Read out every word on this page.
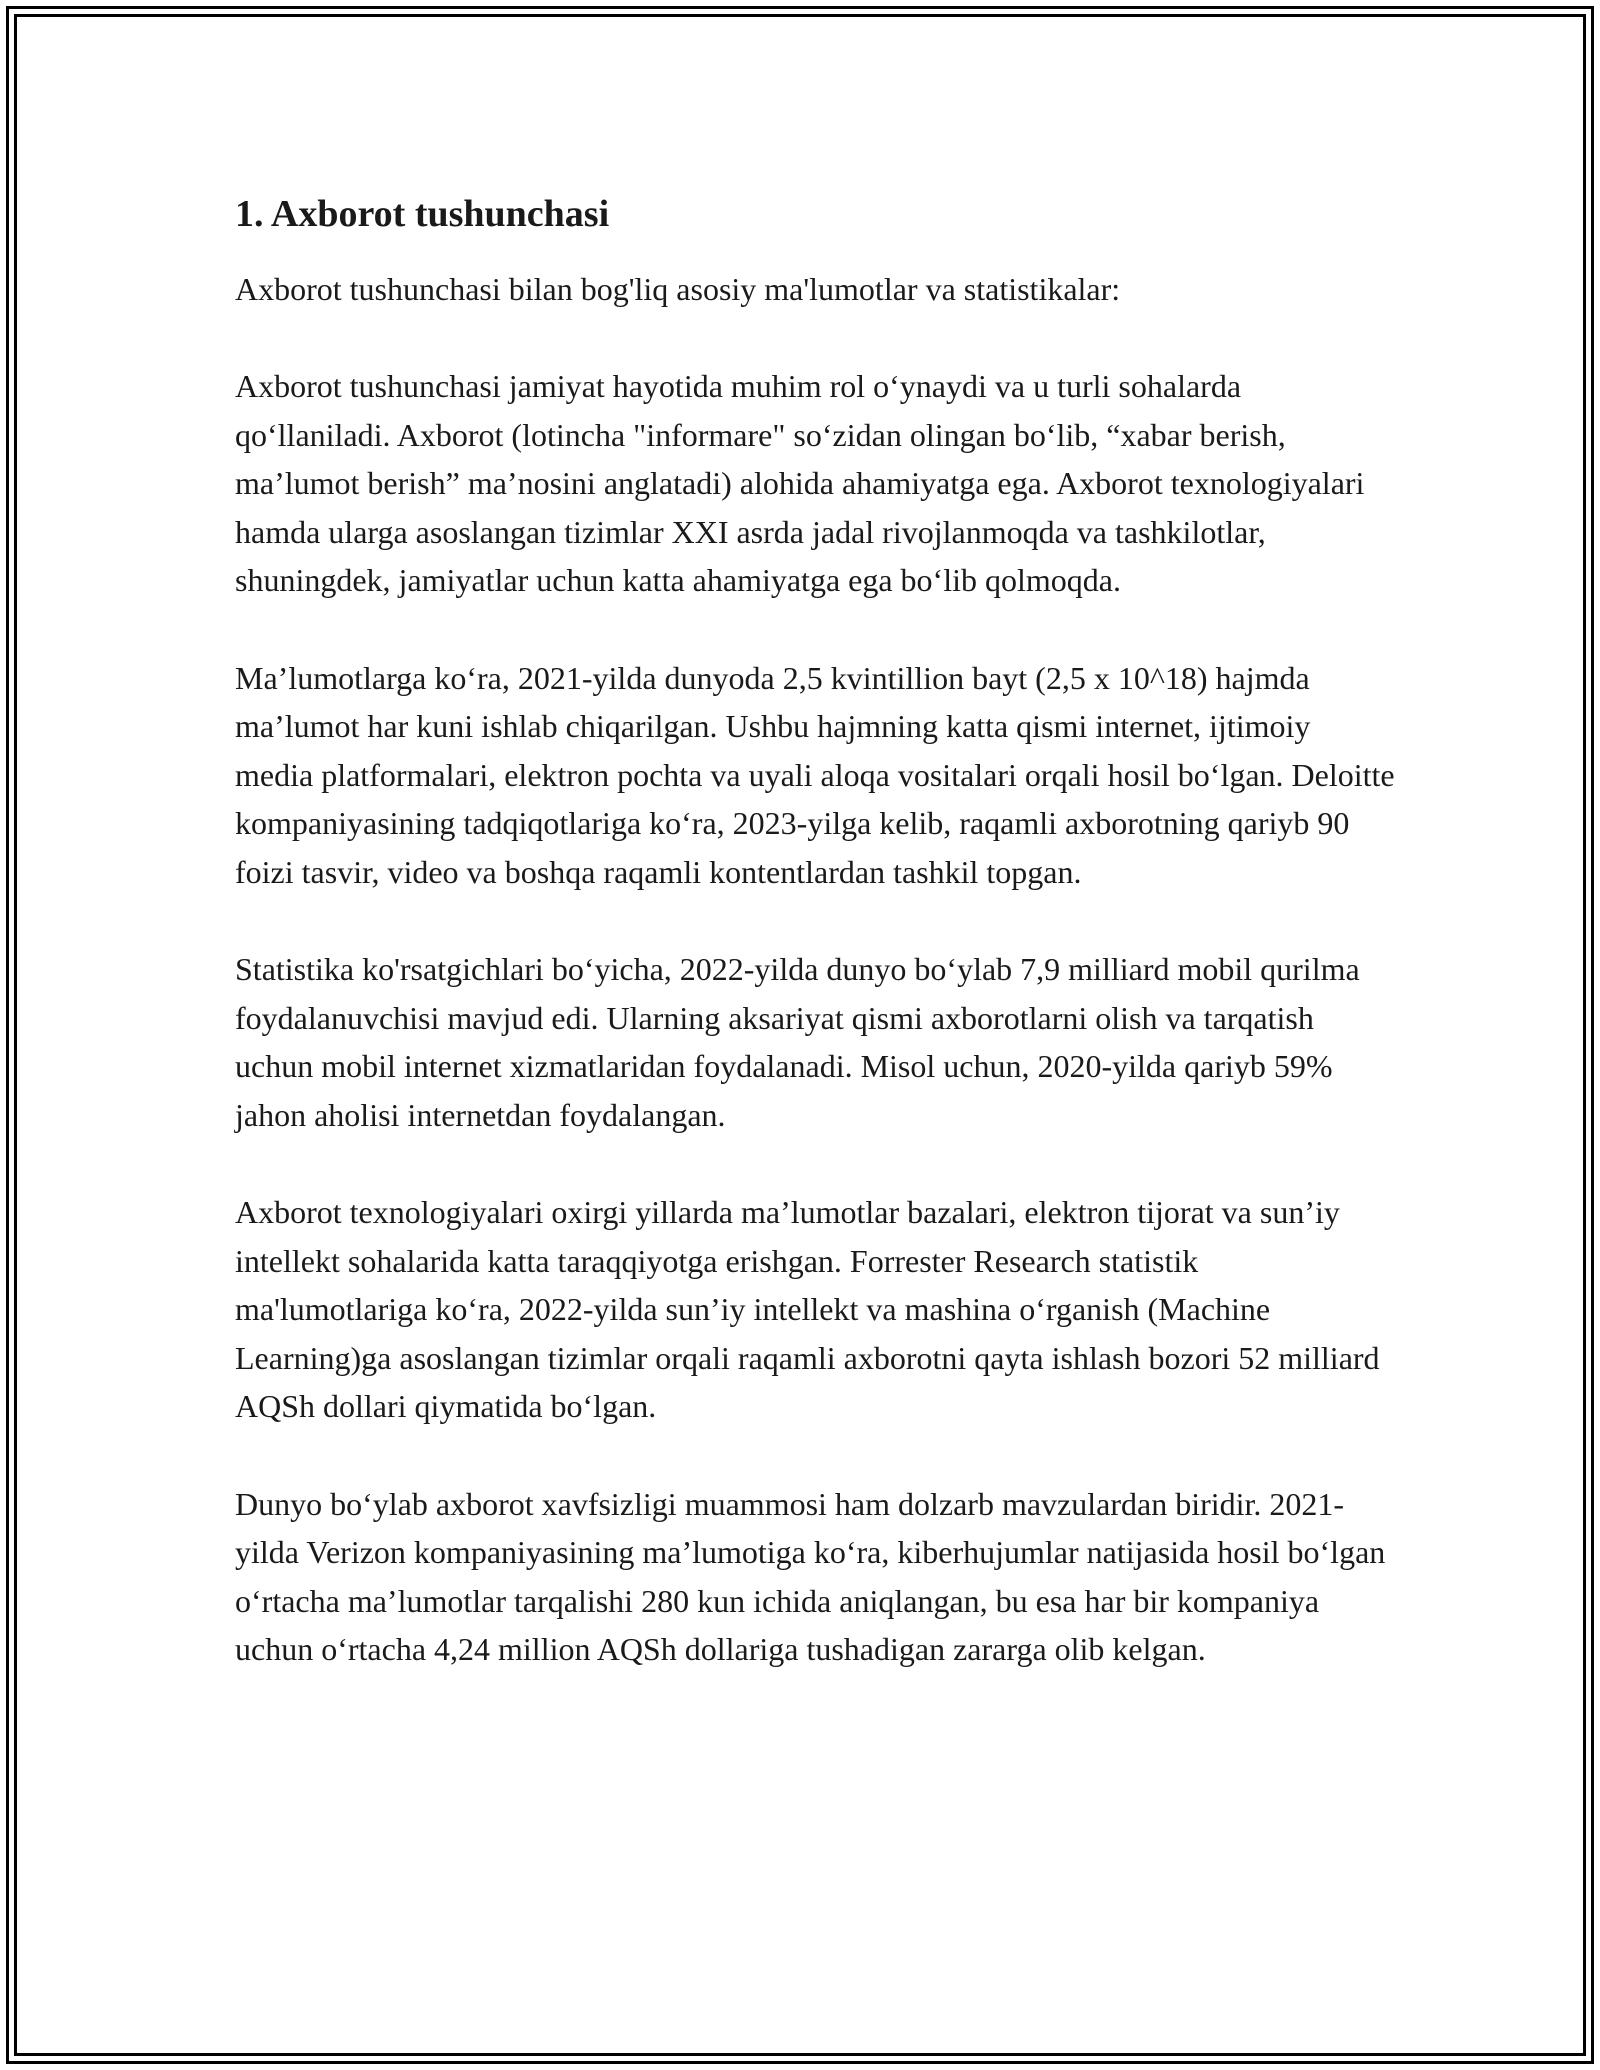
1. Axborot tushunchasi

Axborot tushunchasi bilan bog'liq asosiy ma'lumotlar va statistikalar:

Axborot tushunchasi jamiyat hayotida muhim rol o‘ynaydi va u turli sohalarda qo‘llaniladi. Axborot (lotincha "informare" so‘zidan olingan bo‘lib, “xabar berish, ma’lumot berish” ma’nosini anglatadi) alohida ahamiyatga ega. Axborot texnologiyalari hamda ularga asoslangan tizimlar XXI asrda jadal rivojlanmoqda va tashkilotlar, shuningdek, jamiyatlar uchun katta ahamiyatga ega bo‘lib qolmoqda.

Ma’lumotlarga ko‘ra, 2021-yilda dunyoda 2,5 kvintillion bayt (2,5 x 10^18) hajmda ma’lumot har kuni ishlab chiqarilgan. Ushbu hajmning katta qismi internet, ijtimoiy media platformalari, elektron pochta va uyali aloqa vositalari orqali hosil bo‘lgan. Deloitte kompaniyasining tadqiqotlariga ko‘ra, 2023-yilga kelib, raqamli axborotning qariyb 90 foizi tasvir, video va boshqa raqamli kontentlardan tashkil topgan.

Statistika ko'rsatgichlari bo‘yicha, 2022-yilda dunyo bo‘ylab 7,9 milliard mobil qurilma foydalanuvchisi mavjud edi. Ularning aksariyat qismi axborotlarni olish va tarqatish uchun mobil internet xizmatlaridan foydalanadi. Misol uchun, 2020-yilda qariyb 59% jahon aholisi internetdan foydalangan.

Axborot texnologiyalari oxirgi yillarda ma’lumotlar bazalari, elektron tijorat va sun’iy intellekt sohalarida katta taraqqiyotga erishgan. Forrester Research statistik ma'lumotlariga ko‘ra, 2022-yilda sun’iy intellekt va mashina o‘rganish (Machine Learning)ga asoslangan tizimlar orqali raqamli axborotni qayta ishlash bozori 52 milliard AQSh dollari qiymatida bo‘lgan.

Dunyo bo‘ylab axborot xavfsizligi muammosi ham dolzarb mavzulardan biridir. 2021-yilda Verizon kompaniyasining ma’lumotiga ko‘ra, kiberhujumlar natijasida hosil bo‘lgan o‘rtacha ma’lumotlar tarqalishi 280 kun ichida aniqlangan, bu esa har bir kompaniya uchun o‘rtacha 4,24 million AQSh dollariga tushadigan zararga olib kelgan.
